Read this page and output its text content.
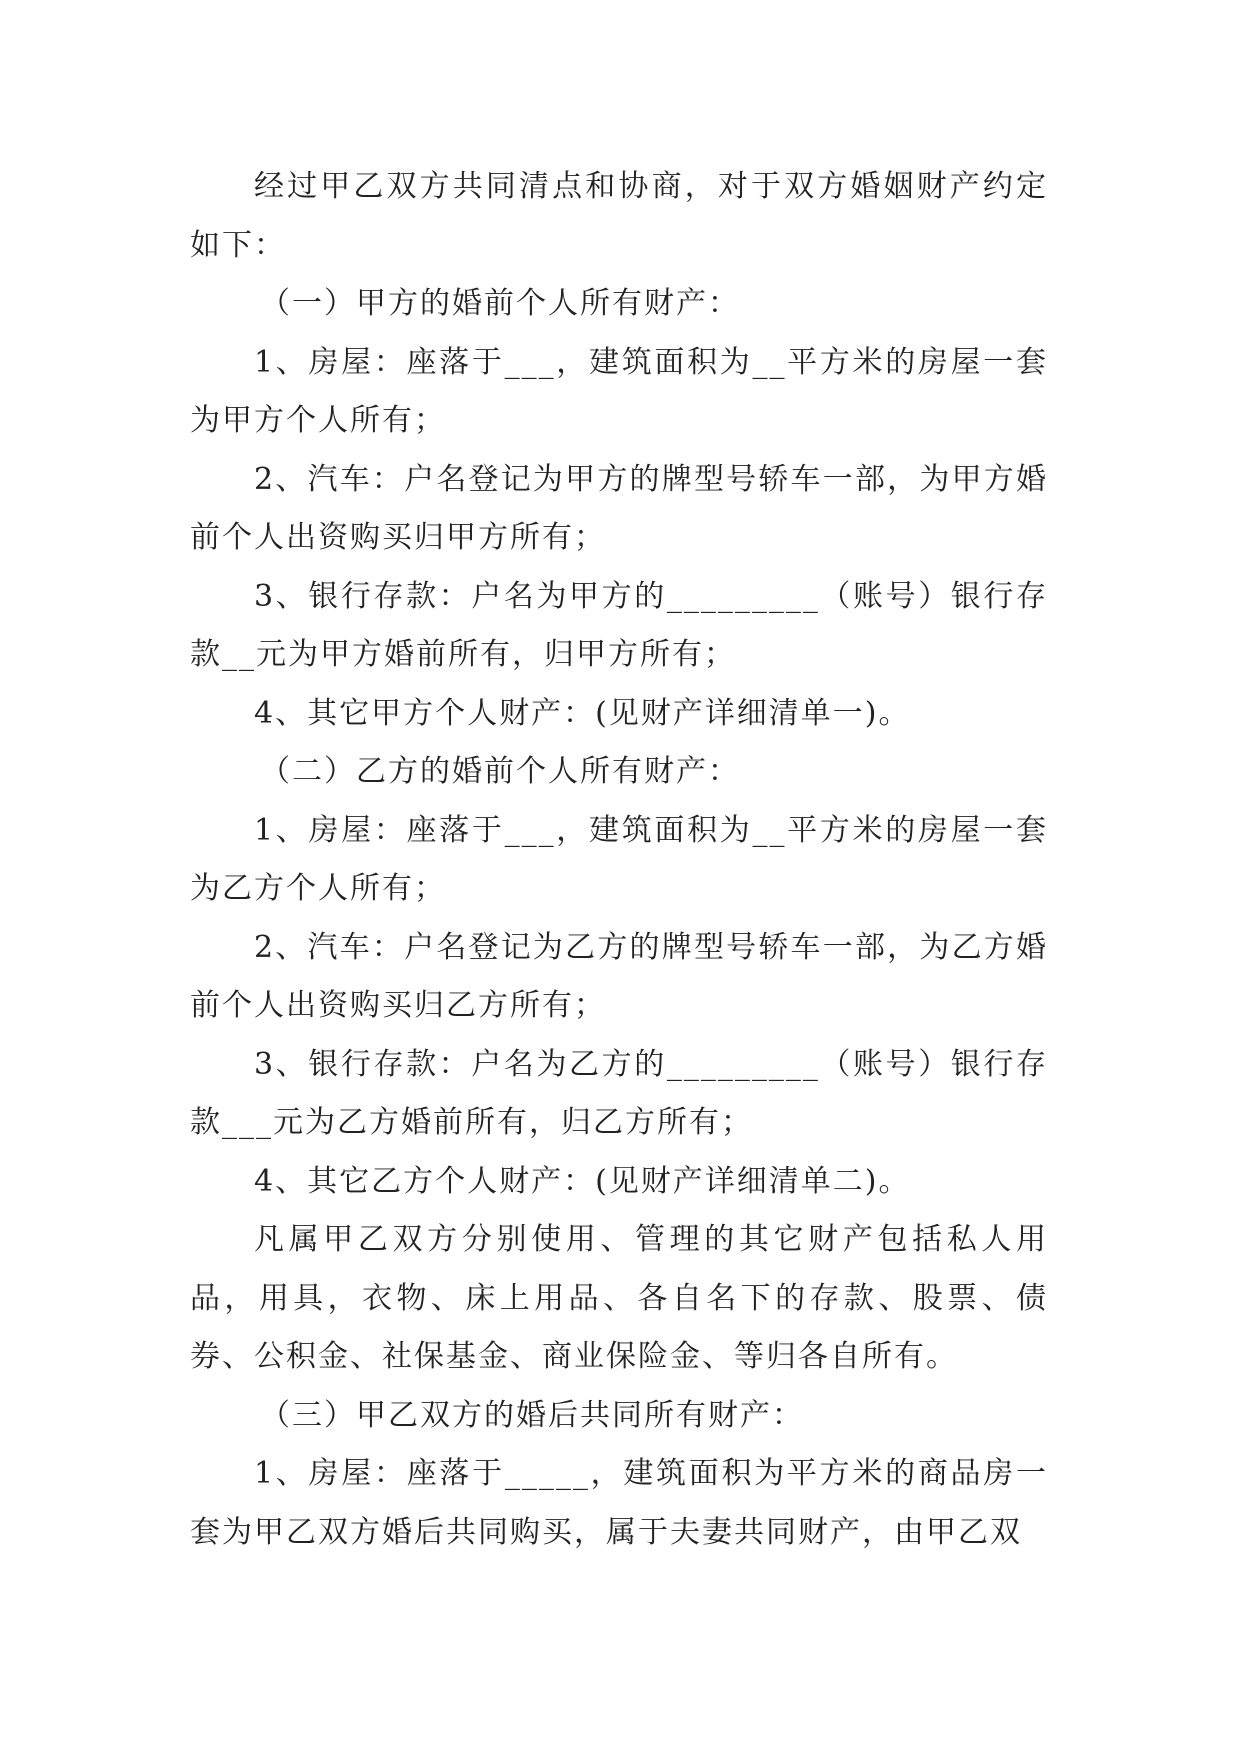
经过甲乙双方共同清点和协商，对于双方婚姻财产约定如下：

（一）甲方的婚前个人所有财产：

1、房屋：座落于___，建筑面积为__平方米的房屋一套为甲方个人所有；

2、汽车：户名登记为甲方的牌型号轿车一部，为甲方婚前个人出资购买归甲方所有；

3、银行存款：户名为甲方的_________（账号）银行存款__元为甲方婚前所有，归甲方所有；

4、其它甲方个人财产：(见财产详细清单一)。

（二）乙方的婚前个人所有财产：

1、房屋：座落于___，建筑面积为__平方米的房屋一套为乙方个人所有；

2、汽车：户名登记为乙方的牌型号轿车一部，为乙方婚前个人出资购买归乙方所有；

3、银行存款：户名为乙方的_________（账号）银行存款___元为乙方婚前所有，归乙方所有；

4、其它乙方个人财产：(见财产详细清单二)。

凡属甲乙双方分别使用、管理的其它财产包括私人用品，用具，衣物、床上用品、各自名下的存款、股票、债券、公积金、社保基金、商业保险金、等归各自所有。

（三）甲乙双方的婚后共同所有财产：

1、房屋：座落于_____，建筑面积为平方米的商品房一套为甲乙双方婚后共同购买，属于夫妻共同财产，由甲乙双
